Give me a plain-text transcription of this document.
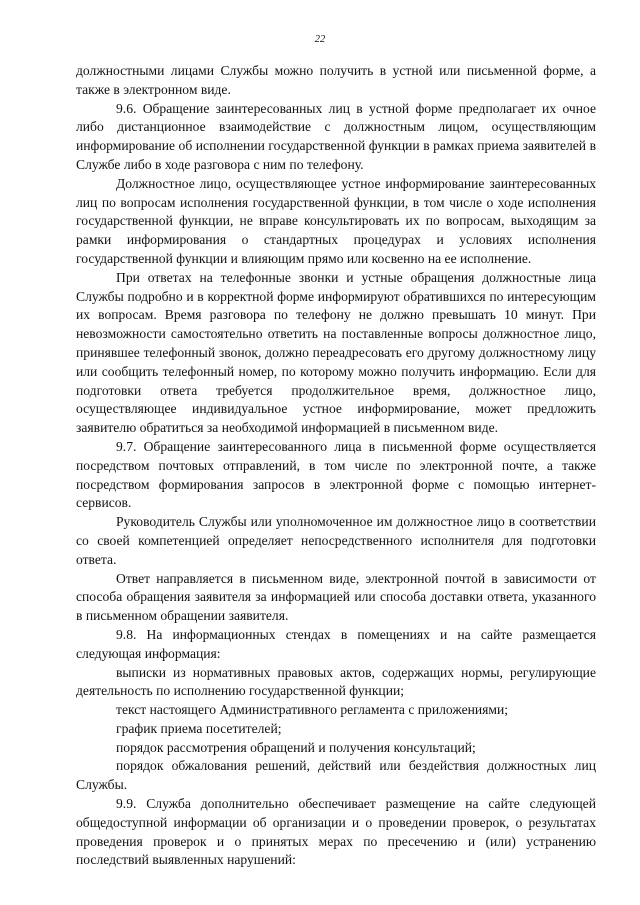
22

должностными лицами Службы можно получить в устной или письменной форме, а также в электронном виде.

9.6. Обращение заинтересованных лиц в устной форме предполагает их очное либо дистанционное взаимодействие с должностным лицом, осуществляющим информирование об исполнении государственной функции в рамках приема заявителей в Службе либо в ходе разговора с ним по телефону.

Должностное лицо, осуществляющее устное информирование заинтересованных лиц по вопросам исполнения государственной функции, в том числе о ходе исполнения государственной функции, не вправе консультировать их по вопросам, выходящим за рамки информирования о стандартных процедурах и условиях исполнения государственной функции и влияющим прямо или косвенно на ее исполнение.

При ответах на телефонные звонки и устные обращения должностные лица Службы подробно и в корректной форме информируют обратившихся по интересующим их вопросам. Время разговора по телефону не должно превышать 10 минут. При невозможности самостоятельно ответить на поставленные вопросы должностное лицо, принявшее телефонный звонок, должно переадресовать его другому должностному лицу или сообщить телефонный номер, по которому можно получить информацию. Если для подготовки ответа требуется продолжительное время, должностное лицо, осуществляющее индивидуальное устное информирование, может предложить заявителю обратиться за необходимой информацией в письменном виде.

9.7. Обращение заинтересованного лица в письменной форме осуществляется посредством почтовых отправлений, в том числе по электронной почте, а также посредством формирования запросов в электронной форме с помощью интернет-сервисов.

Руководитель Службы или уполномоченное им должностное лицо в соответствии со своей компетенцией определяет непосредственного исполнителя для подготовки ответа.

Ответ направляется в письменном виде, электронной почтой в зависимости от способа обращения заявителя за информацией или способа доставки ответа, указанного в письменном обращении заявителя.

9.8. На информационных стендах в помещениях и на сайте размещается следующая информация:

выписки из нормативных правовых актов, содержащих нормы, регулирующие деятельность по исполнению государственной функции;

текст настоящего Административного регламента с приложениями;

график приема посетителей;

порядок рассмотрения обращений и получения консультаций;

порядок обжалования решений, действий или бездействия должностных лиц Службы.

9.9. Служба дополнительно обеспечивает размещение на сайте следующей общедоступной информации об организации и о проведении проверок, о результатах проведения проверок и о принятых мерах по пресечению и (или) устранению последствий выявленных нарушений:
